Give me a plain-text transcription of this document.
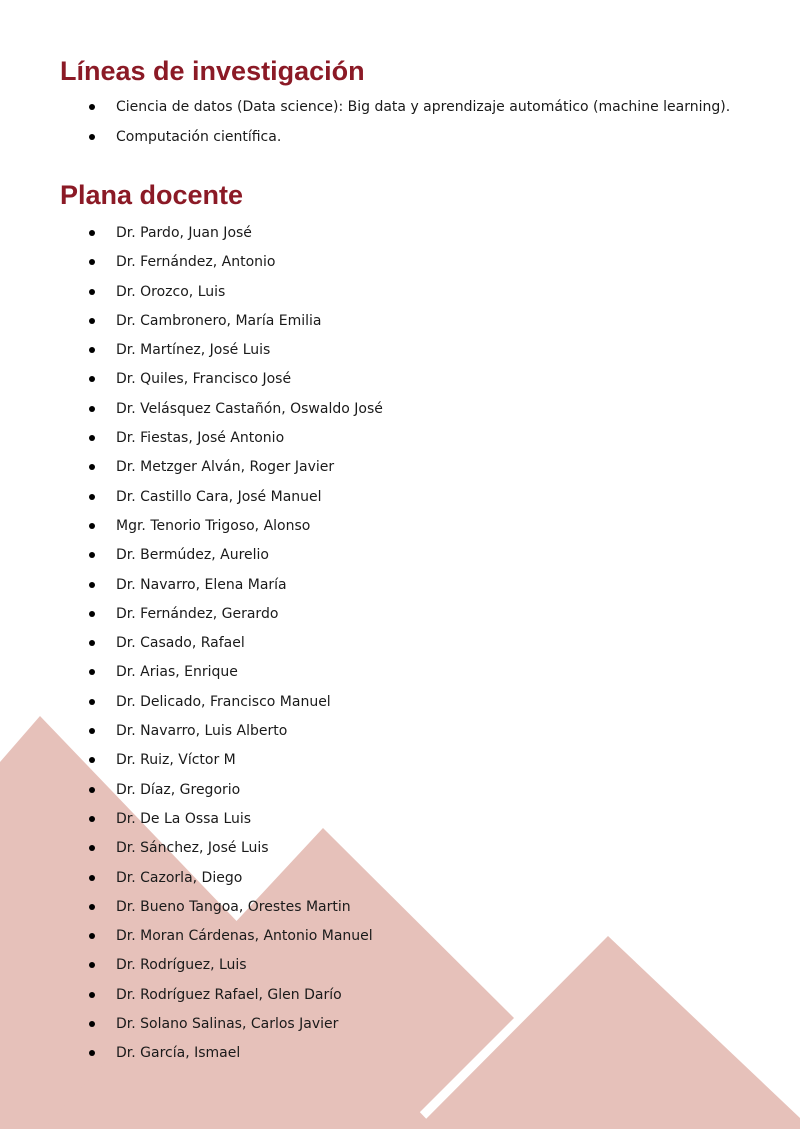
Líneas de investigación
Ciencia de datos (Data science): Big data y aprendizaje automático (machine learning).
Computación científica.
Plana docente
Dr. Pardo, Juan José
Dr. Fernández, Antonio
Dr. Orozco, Luis
Dr. Cambronero, María Emilia
Dr. Martínez, José Luis
Dr. Quiles, Francisco José
Dr. Velásquez Castañón, Oswaldo José
Dr. Fiestas, José Antonio
Dr. Metzger Alván, Roger Javier
Dr. Castillo Cara, José Manuel
Mgr. Tenorio Trigoso, Alonso
Dr. Bermúdez, Aurelio
Dr. Navarro, Elena María
Dr. Fernández, Gerardo
Dr. Casado, Rafael
Dr. Arias, Enrique
Dr. Delicado, Francisco Manuel
Dr. Navarro, Luis Alberto
Dr. Ruiz, Víctor M
Dr. Díaz, Gregorio
Dr. De La Ossa Luis
Dr. Sánchez, José Luis
Dr. Cazorla, Diego
Dr. Bueno Tangoa, Orestes Martin
Dr. Moran Cárdenas, Antonio Manuel
Dr. Rodríguez, Luis
Dr. Rodríguez Rafael, Glen Darío
Dr. Solano Salinas, Carlos Javier
Dr. García, Ismael
